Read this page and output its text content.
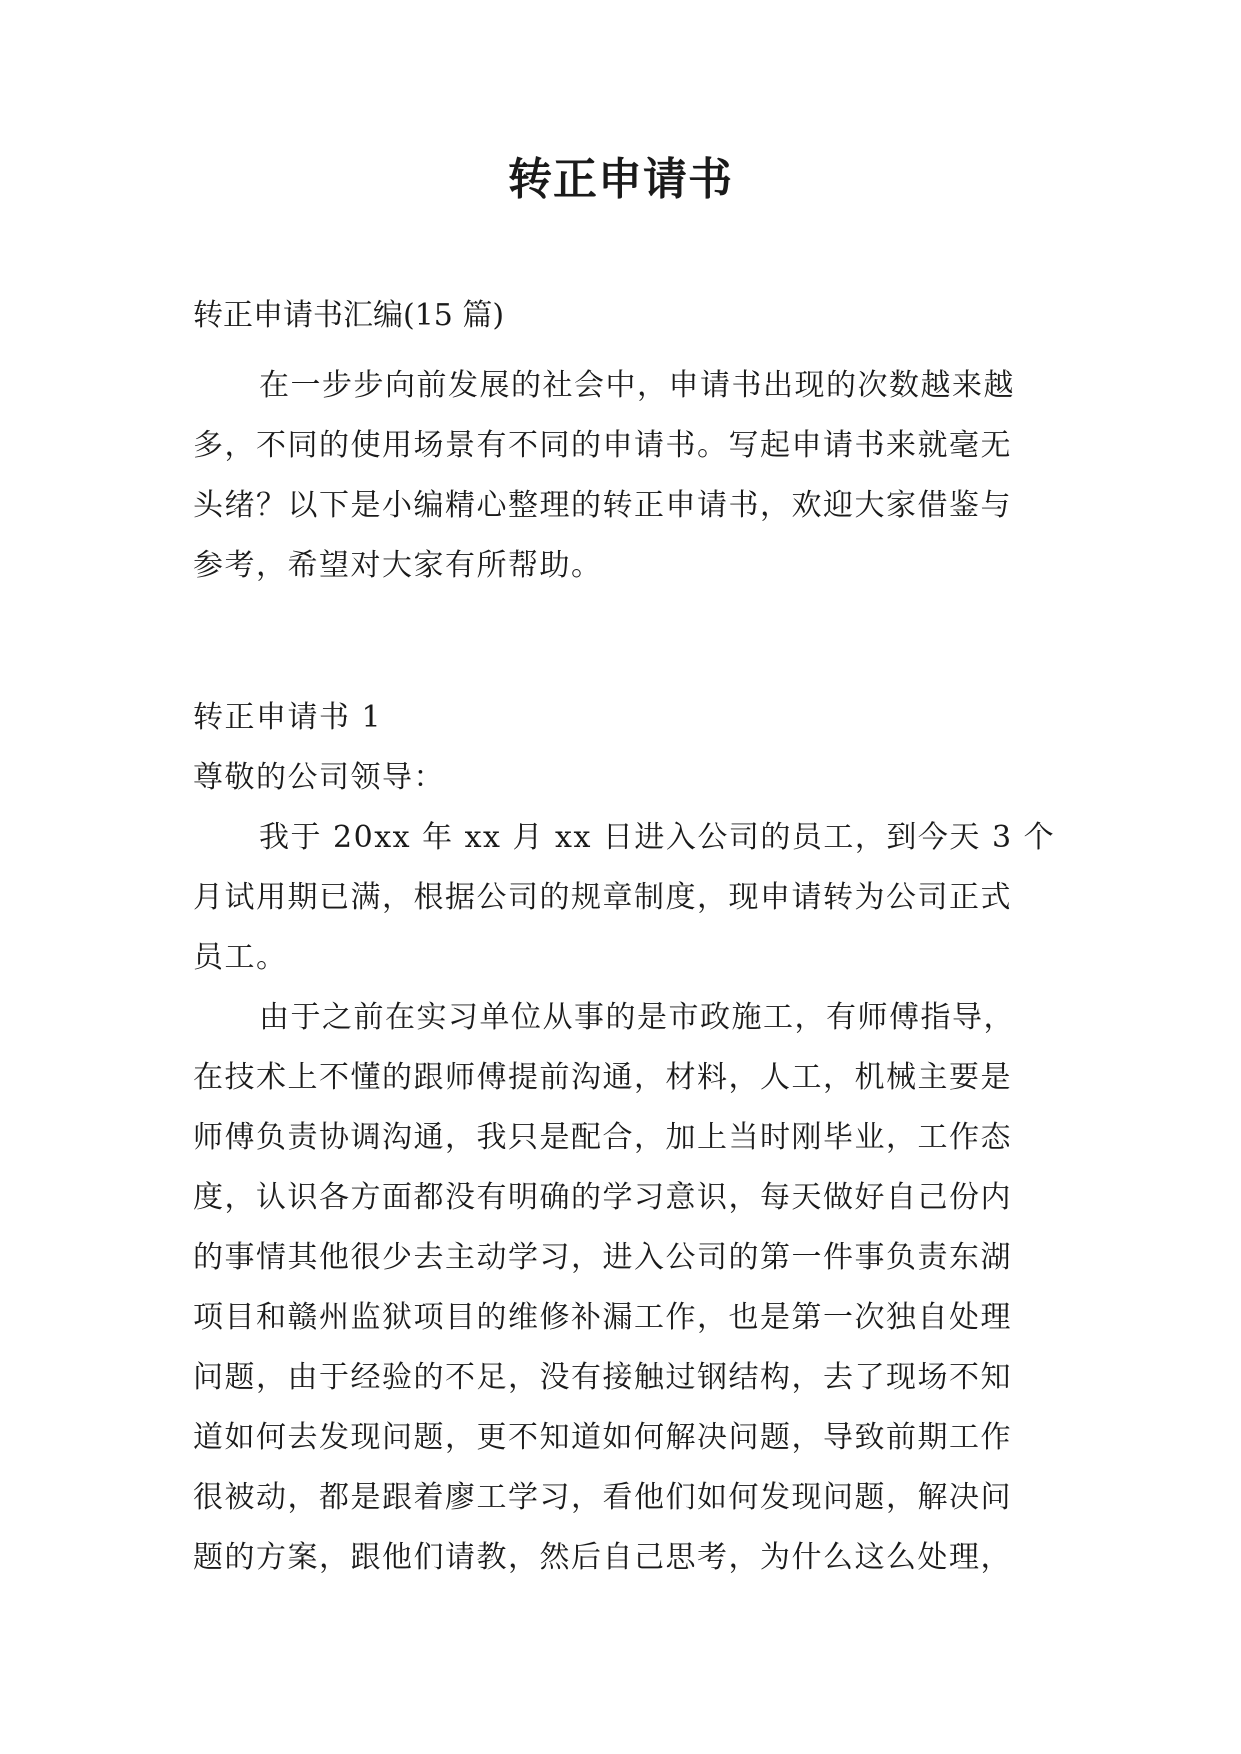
转正申请书
转正申请书汇编(15 篇)
在一步步向前发展的社会中，申请书出现的次数越来越
多，不同的使用场景有不同的申请书。写起申请书来就毫无
头绪？以下是小编精心整理的转正申请书，欢迎大家借鉴与
参考，希望对大家有所帮助。
转正申请书 1
尊敬的公司领导：
我于 20xx 年 xx 月 xx 日进入公司的员工，到今天 3 个
月试用期已满，根据公司的规章制度，现申请转为公司正式
员工。
由于之前在实习单位从事的是市政施工，有师傅指导，
在技术上不懂的跟师傅提前沟通，材料，人工，机械主要是
师傅负责协调沟通，我只是配合，加上当时刚毕业，工作态
度，认识各方面都没有明确的学习意识，每天做好自己份内
的事情其他很少去主动学习，进入公司的第一件事负责东湖
项目和赣州监狱项目的维修补漏工作，也是第一次独自处理
问题，由于经验的不足，没有接触过钢结构，去了现场不知
道如何去发现问题，更不知道如何解决问题，导致前期工作
很被动，都是跟着廖工学习，看他们如何发现问题，解决问
题的方案，跟他们请教，然后自己思考，为什么这么处理，
